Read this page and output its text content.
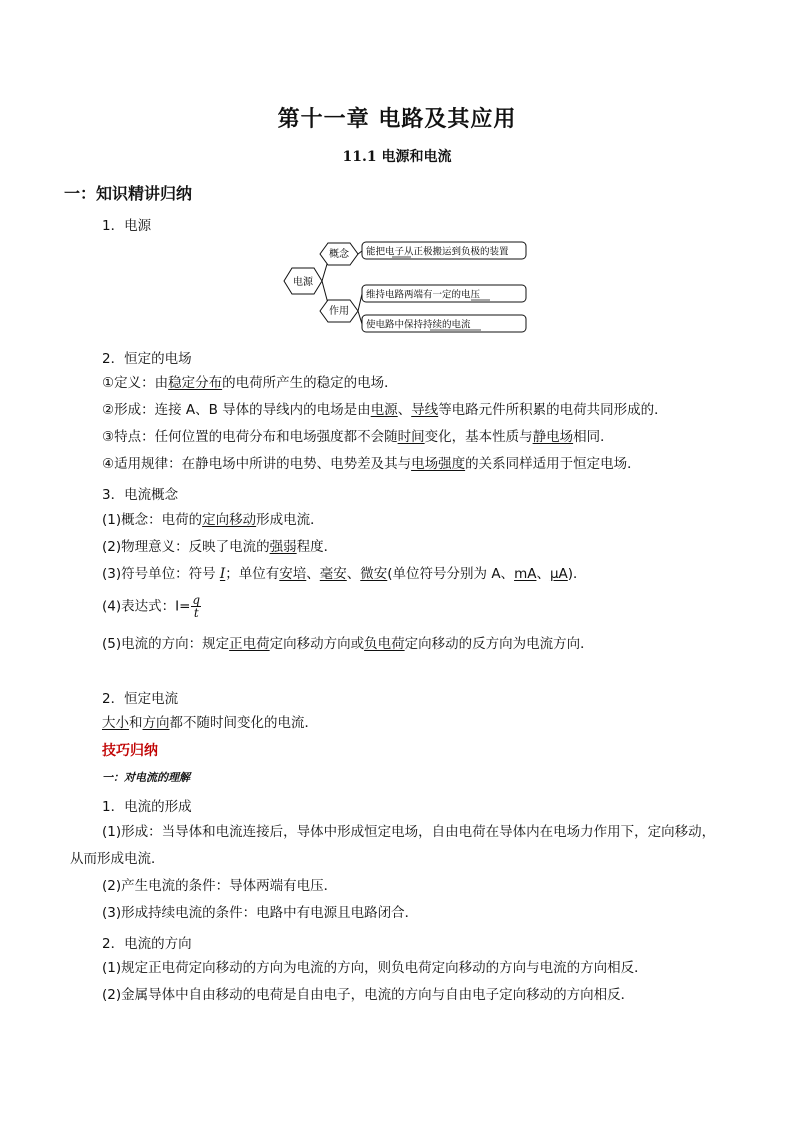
第十一章 电路及其应用
11.1 电源和电流
一：知识精讲归纳
1．电源
电源
概念
作用
能把电子从正极搬运到负极的装置
维持电路两端有一定的电压
使电路中保持持续的电流
2．恒定的电场
①定义：由稳定分布的电荷所产生的稳定的电场．
②形成：连接 A、B 导体的导线内的电场是由电源、导线等电路元件所积累的电荷共同形成的．
③特点：任何位置的电荷分布和电场强度都不会随时间变化，基本性质与静电场相同．
④适用规律：在静电场中所讲的电势、电势差及其与电场强度的关系同样适用于恒定电场．
3．电流概念
(1)概念：电荷的定向移动形成电流．
(2)物理意义：反映了电流的强弱程度．
(3)符号单位：符号 I；单位有安培、毫安、微安(单位符号分别为 A、mA、μA)．
(4)表达式：$I= \frac{q}{t}$
(5)电流的方向：规定正电荷定向移动方向或负电荷定向移动的反方向为电流方向．
2．恒定电流
大小和方向都不随时间变化的电流．
技巧归纳
一：对电流的理解
1．电流的形成
(1)形成：当导体和电流连接后，导体中形成恒定电场，自由电荷在导体内在电场力作用下，定向移动，
从而形成电流．
(2)产生电流的条件：导体两端有电压．
(3)形成持续电流的条件：电路中有电源且电路闭合．
2．电流的方向
(1)规定正电荷定向移动的方向为电流的方向，则负电荷定向移动的方向与电流的方向相反．
(2)金属导体中自由移动的电荷是自由电子，电流的方向与自由电子定向移动的方向相反．
